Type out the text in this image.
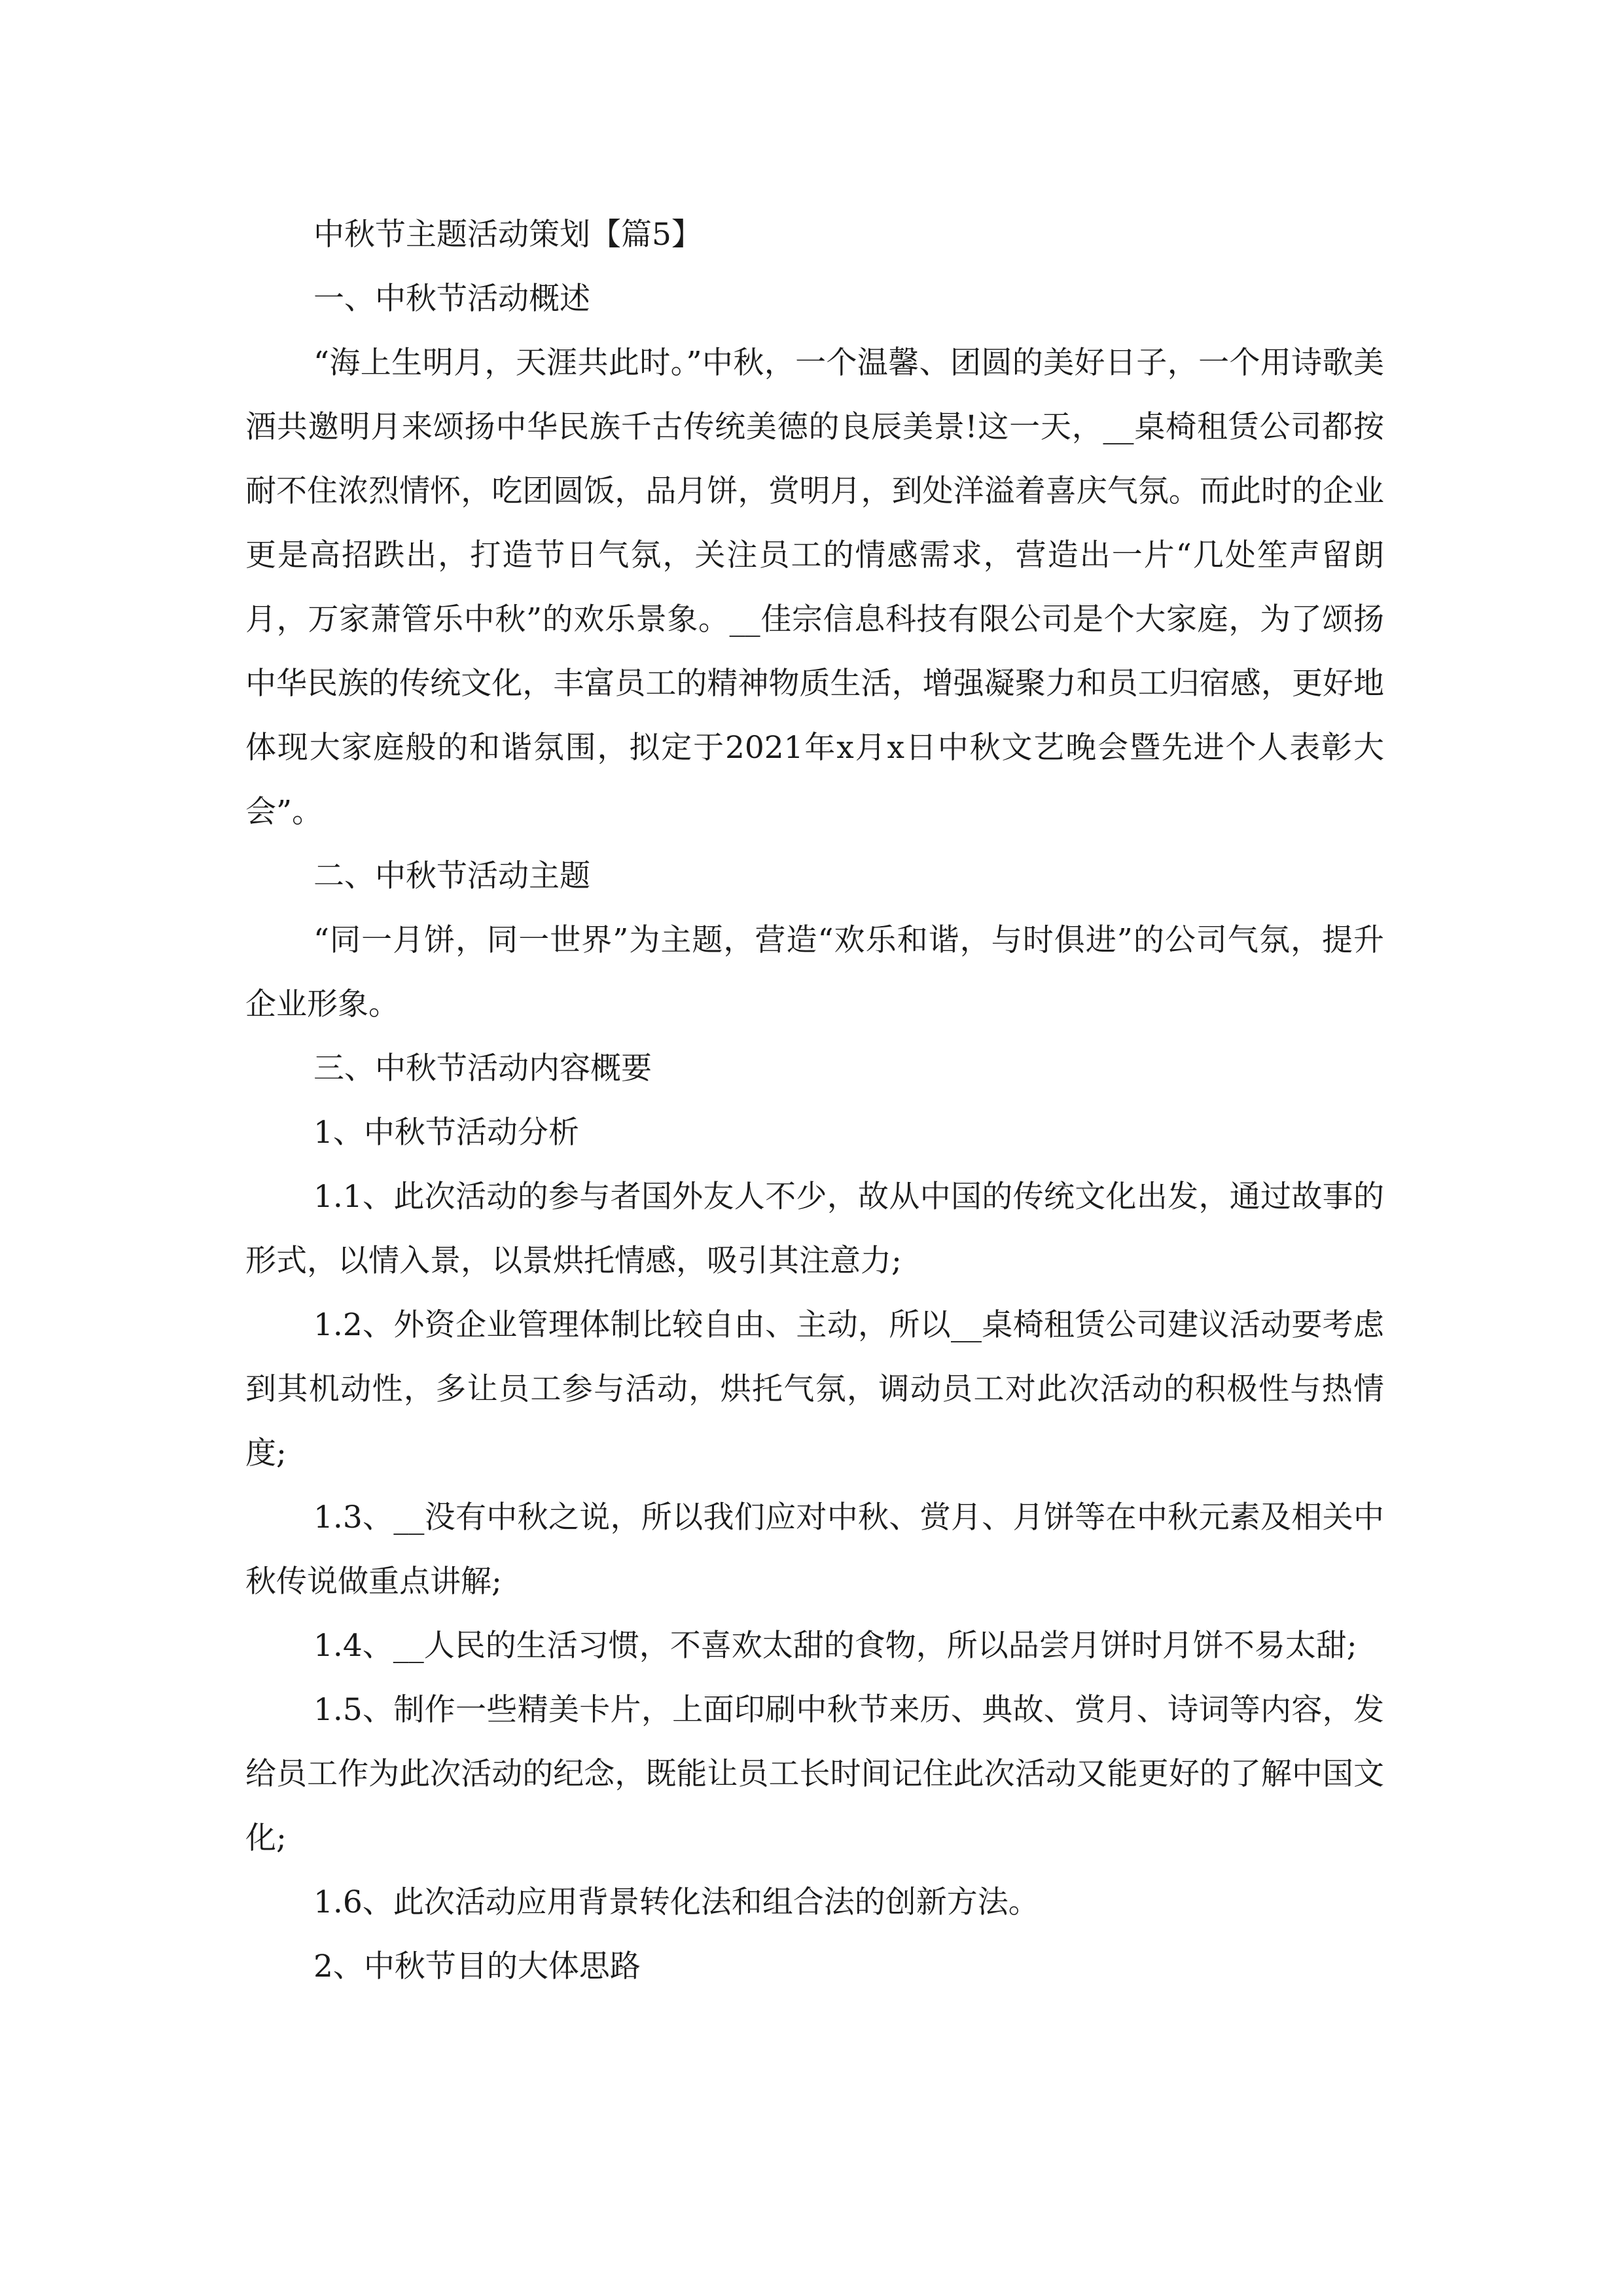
中秋节主题活动策划【篇5】

一、中秋节活动概述

“海上生明月，天涯共此时。”中秋，一个温馨、团圆的美好日子，一个用诗歌美酒共邀明月来颂扬中华民族千古传统美德的良辰美景!这一天，__桌椅租赁公司都按耐不住浓烈情怀，吃团圆饭，品月饼，赏明月，到处洋溢着喜庆气氛。而此时的企业更是高招跌出，打造节日气氛，关注员工的情感需求，营造出一片“几处笙声留朗月，万家萧管乐中秋”的欢乐景象。__佳宗信息科技有限公司是个大家庭，为了颂扬中华民族的传统文化，丰富员工的精神物质生活，增强凝聚力和员工归宿感，更好地体现大家庭般的和谐氛围，拟定于2021年x月x日中秋文艺晚会暨先进个人表彰大会”。

二、中秋节活动主题

“同一月饼，同一世界”为主题，营造“欢乐和谐，与时俱进”的公司气氛，提升企业形象。

三、中秋节活动内容概要

1、中秋节活动分析

1.1、此次活动的参与者国外友人不少，故从中国的传统文化出发，通过故事的形式，以情入景，以景烘托情感，吸引其注意力;

1.2、外资企业管理体制比较自由、主动，所以__桌椅租赁公司建议活动要考虑到其机动性，多让员工参与活动，烘托气氛，调动员工对此次活动的积极性与热情度;

1.3、__没有中秋之说，所以我们应对中秋、赏月、月饼等在中秋元素及相关中秋传说做重点讲解;

1.4、__人民的生活习惯，不喜欢太甜的食物，所以品尝月饼时月饼不易太甜;

1.5、制作一些精美卡片，上面印刷中秋节来历、典故、赏月、诗词等内容，发给员工作为此次活动的纪念，既能让员工长时间记住此次活动又能更好的了解中国文化;

1.6、此次活动应用背景转化法和组合法的创新方法。

2、中秋节目的大体思路
